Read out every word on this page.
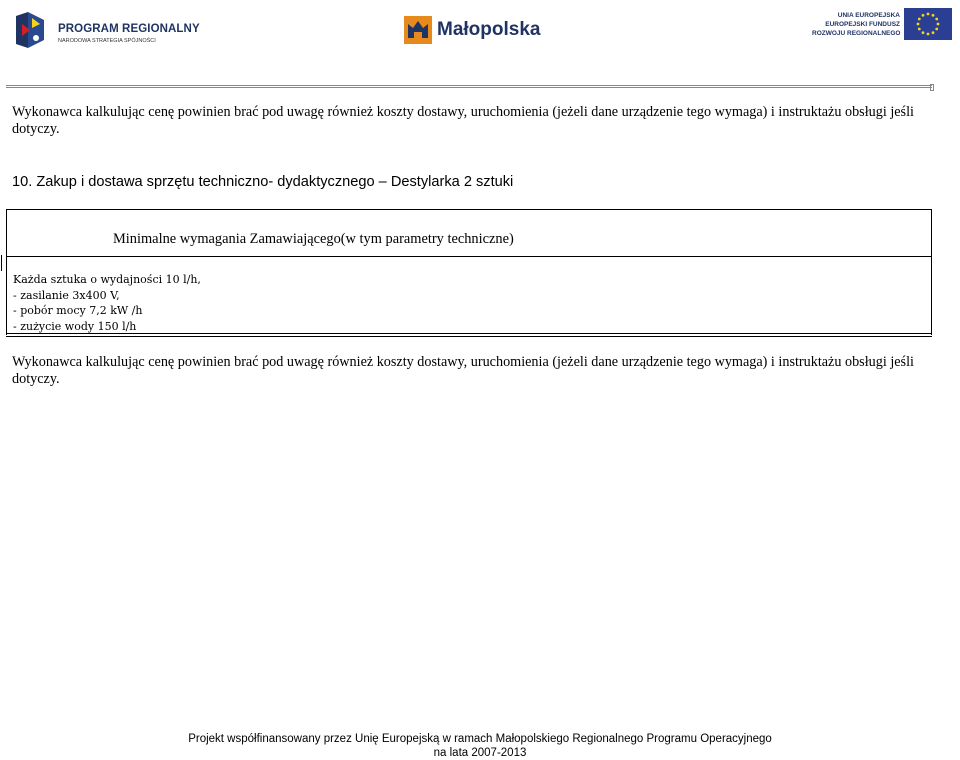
PROGRAM REGIONALNY
NARODOWA STRATEGIA SPÓJNOŚCI
Małopolska
UNIA EUROPEJSKA
EUROPEJSKI FUNDUSZ
ROZWOJU REGIONALNEGO
Wykonawca kalkulując cenę powinien brać pod uwagę również koszty dostawy, uruchomienia (jeżeli dane urządzenie tego wymaga) i instruktażu obsługi jeśli dotyczy.
10. Zakup i dostawa sprzętu techniczno- dydaktycznego – Destylarka 2 sztuki
Minimalne wymagania Zamawiającego(w tym parametry techniczne)
Każda sztuka o wydajności 10 l/h,
- zasilanie 3x400 V,
- pobór mocy 7,2 kW /h
- zużycie wody 150 l/h
Wykonawca kalkulując cenę powinien brać pod uwagę również koszty dostawy, uruchomienia (jeżeli dane urządzenie tego wymaga) i instruktażu obsługi jeśli dotyczy.
Projekt współfinansowany przez Unię Europejską w ramach Małopolskiego Regionalnego Programu Operacyjnego
na lata 2007-2013
